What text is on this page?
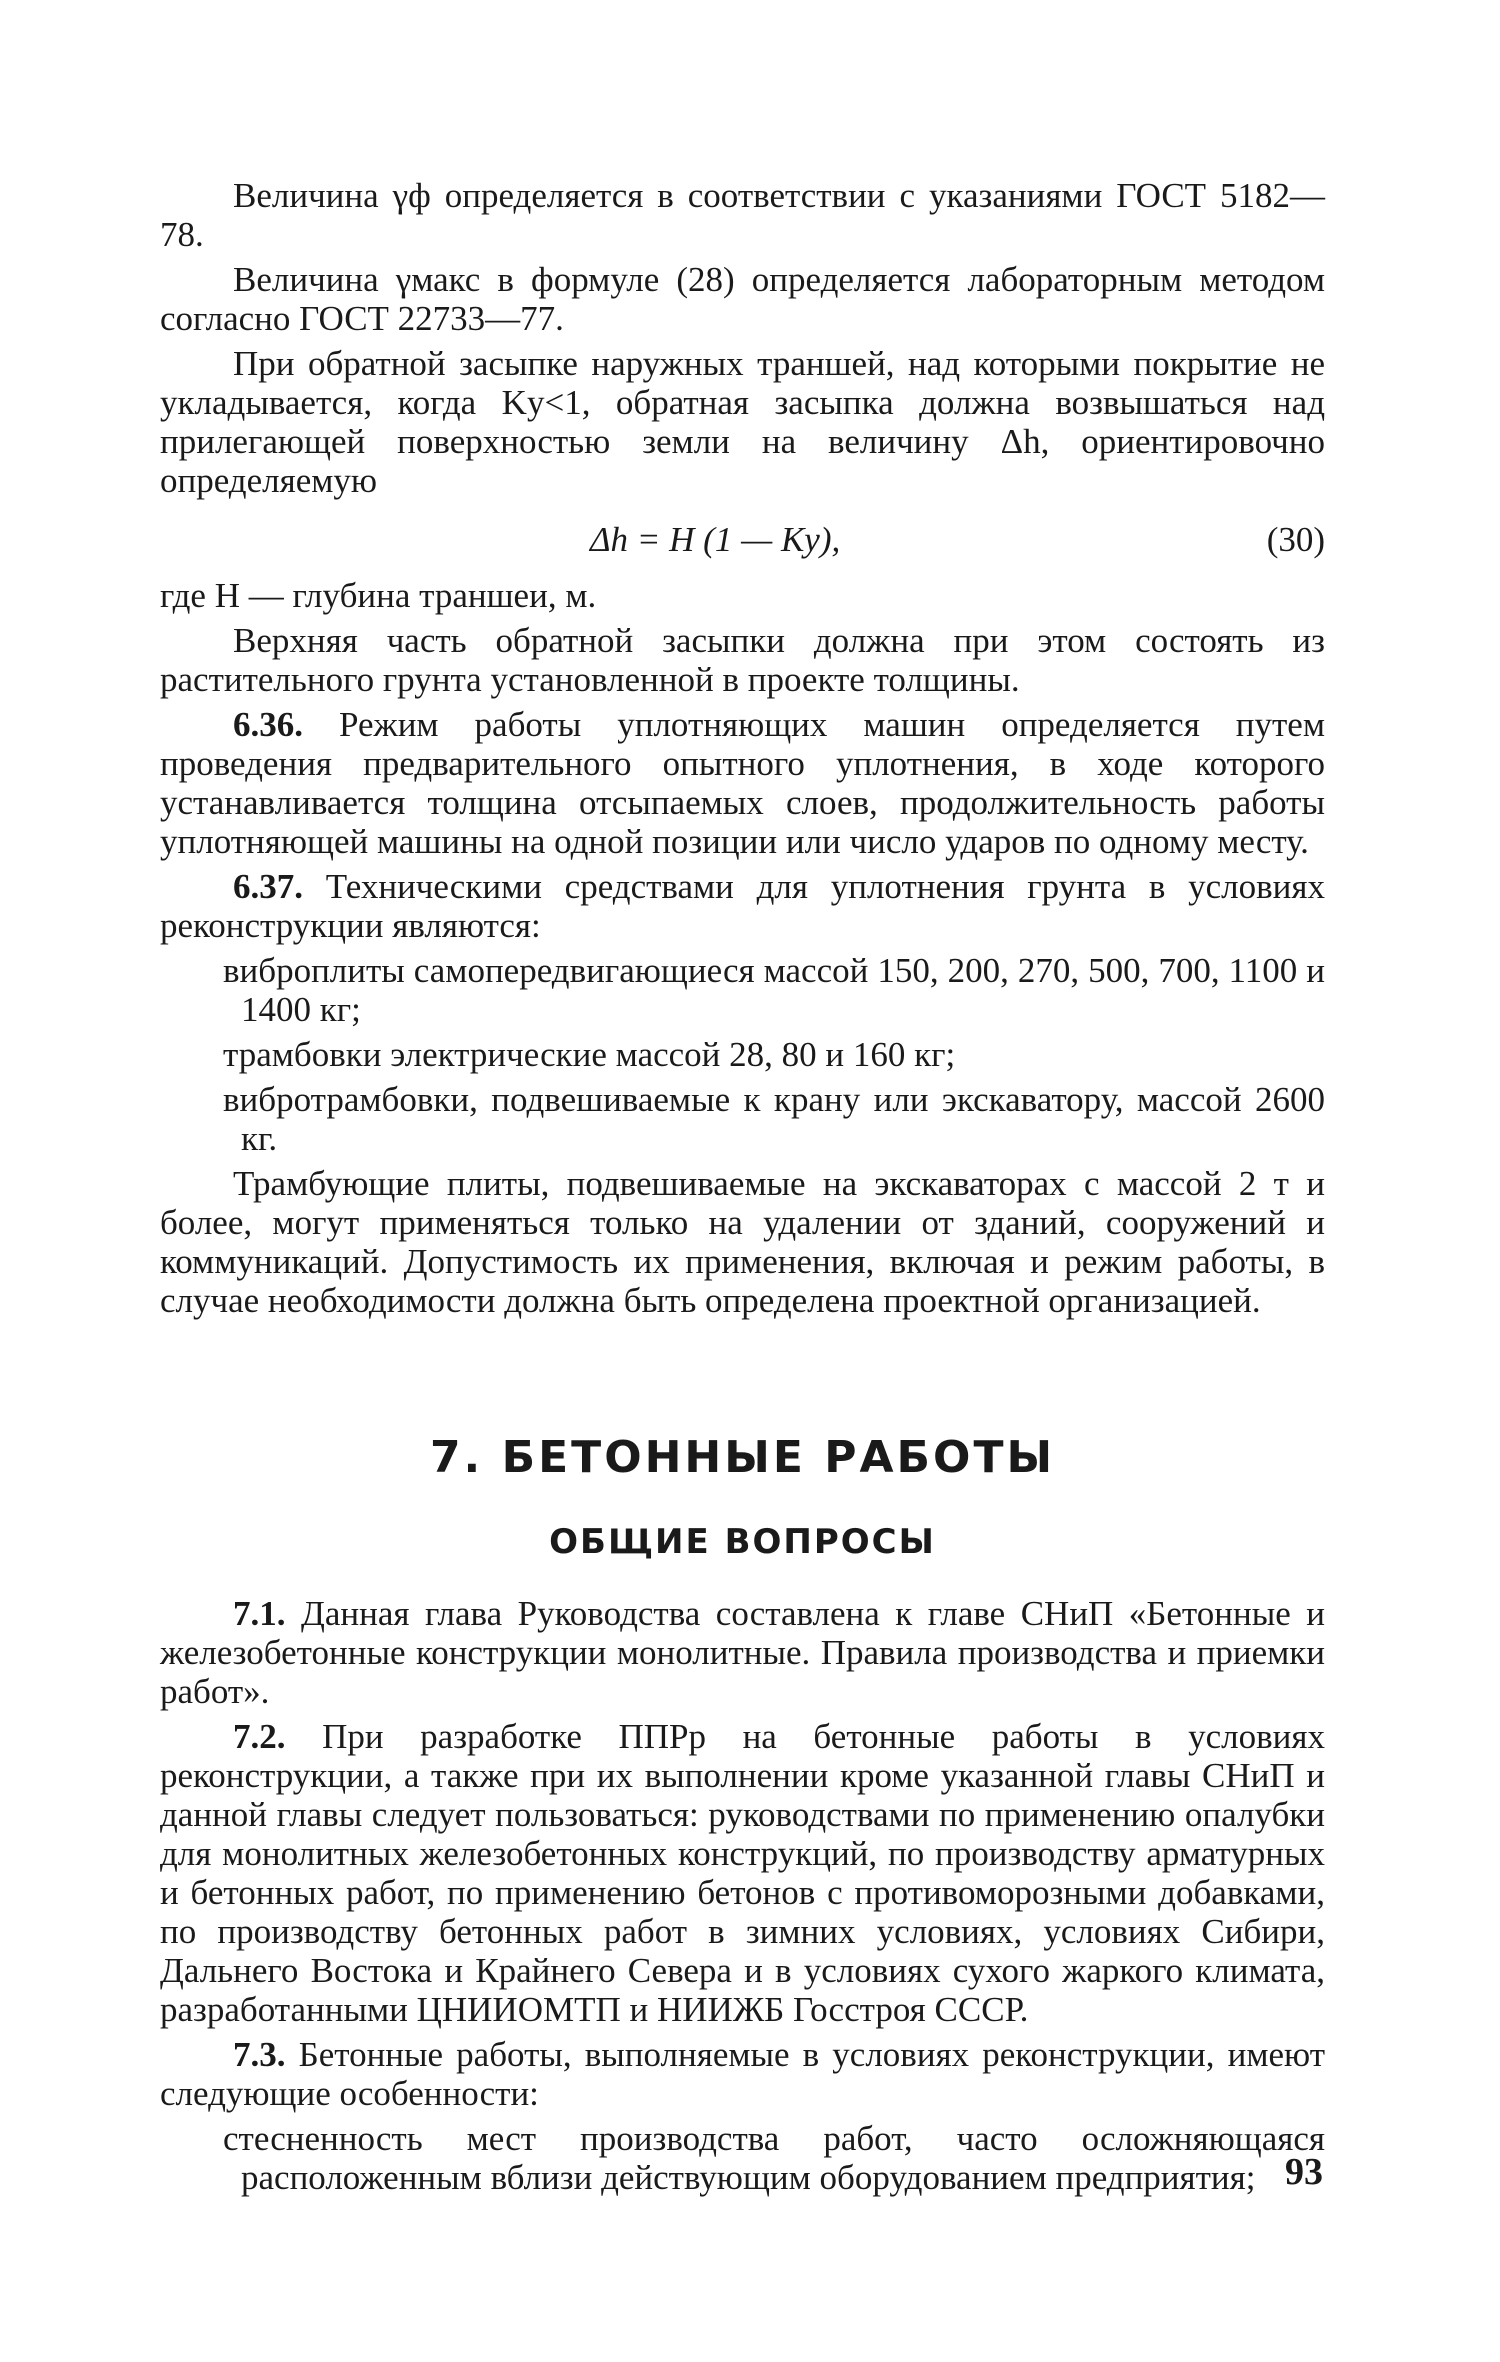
Величина γф определяется в соответствии с указаниями ГОСТ 5182—78.

Величина γмакс в формуле (28) определяется лабораторным методом согласно ГОСТ 22733—77.

При обратной засыпке наружных траншей, над которыми покрытие не укладывается, когда Kу<1, обратная засыпка должна возвышаться над прилегающей поверхностью земли на величину Δh, ориентировочно определяемую

Δh = H (1 — Kу),	(30)

где H — глубина траншеи, м.

Верхняя часть обратной засыпки должна при этом состоять из растительного грунта установленной в проекте толщины.

6.36. Режим работы уплотняющих машин определяется путем проведения предварительного опытного уплотнения, в ходе которого устанавливается толщина отсыпаемых слоев, продолжительность работы уплотняющей машины на одной позиции или число ударов по одному месту.

6.37. Техническими средствами для уплотнения грунта в условиях реконструкции являются:

виброплиты самопередвигающиеся массой 150, 200, 270, 500, 700, 1100 и 1400 кг;

трамбовки электрические массой 28, 80 и 160 кг;

вибротрамбовки, подвешиваемые к крану или экскаватору, массой 2600 кг.

Трамбующие плиты, подвешиваемые на экскаваторах с массой 2 т и более, могут применяться только на удалении от зданий, сооружений и коммуникаций. Допустимость их применения, включая и режим работы, в случае необходимости должна быть определена проектной организацией.

7. БЕТОННЫЕ РАБОТЫ
ОБЩИЕ ВОПРОСЫ

7.1. Данная глава Руководства составлена к главе СНиП «Бетонные и железобетонные конструкции монолитные. Правила производства и приемки работ».

7.2. При разработке ППРр на бетонные работы в условиях реконструкции, а также при их выполнении кроме указанной главы СНиП и данной главы следует пользоваться: руководствами по применению опалубки для монолитных железобетонных конструкций, по производству арматурных и бетонных работ, по применению бетонов с противоморозными добавками, по производству бетонных работ в зимних условиях, условиях Сибири, Дальнего Востока и Крайнего Севера и в условиях сухого жаркого климата, разработанными ЦНИИОМТП и НИИЖБ Госстроя СССР.

7.3. Бетонные работы, выполняемые в условиях реконструкции, имеют следующие особенности:

стесненность мест производства работ, часто осложняющаяся расположенным вблизи действующим оборудованием предприятия; 93
